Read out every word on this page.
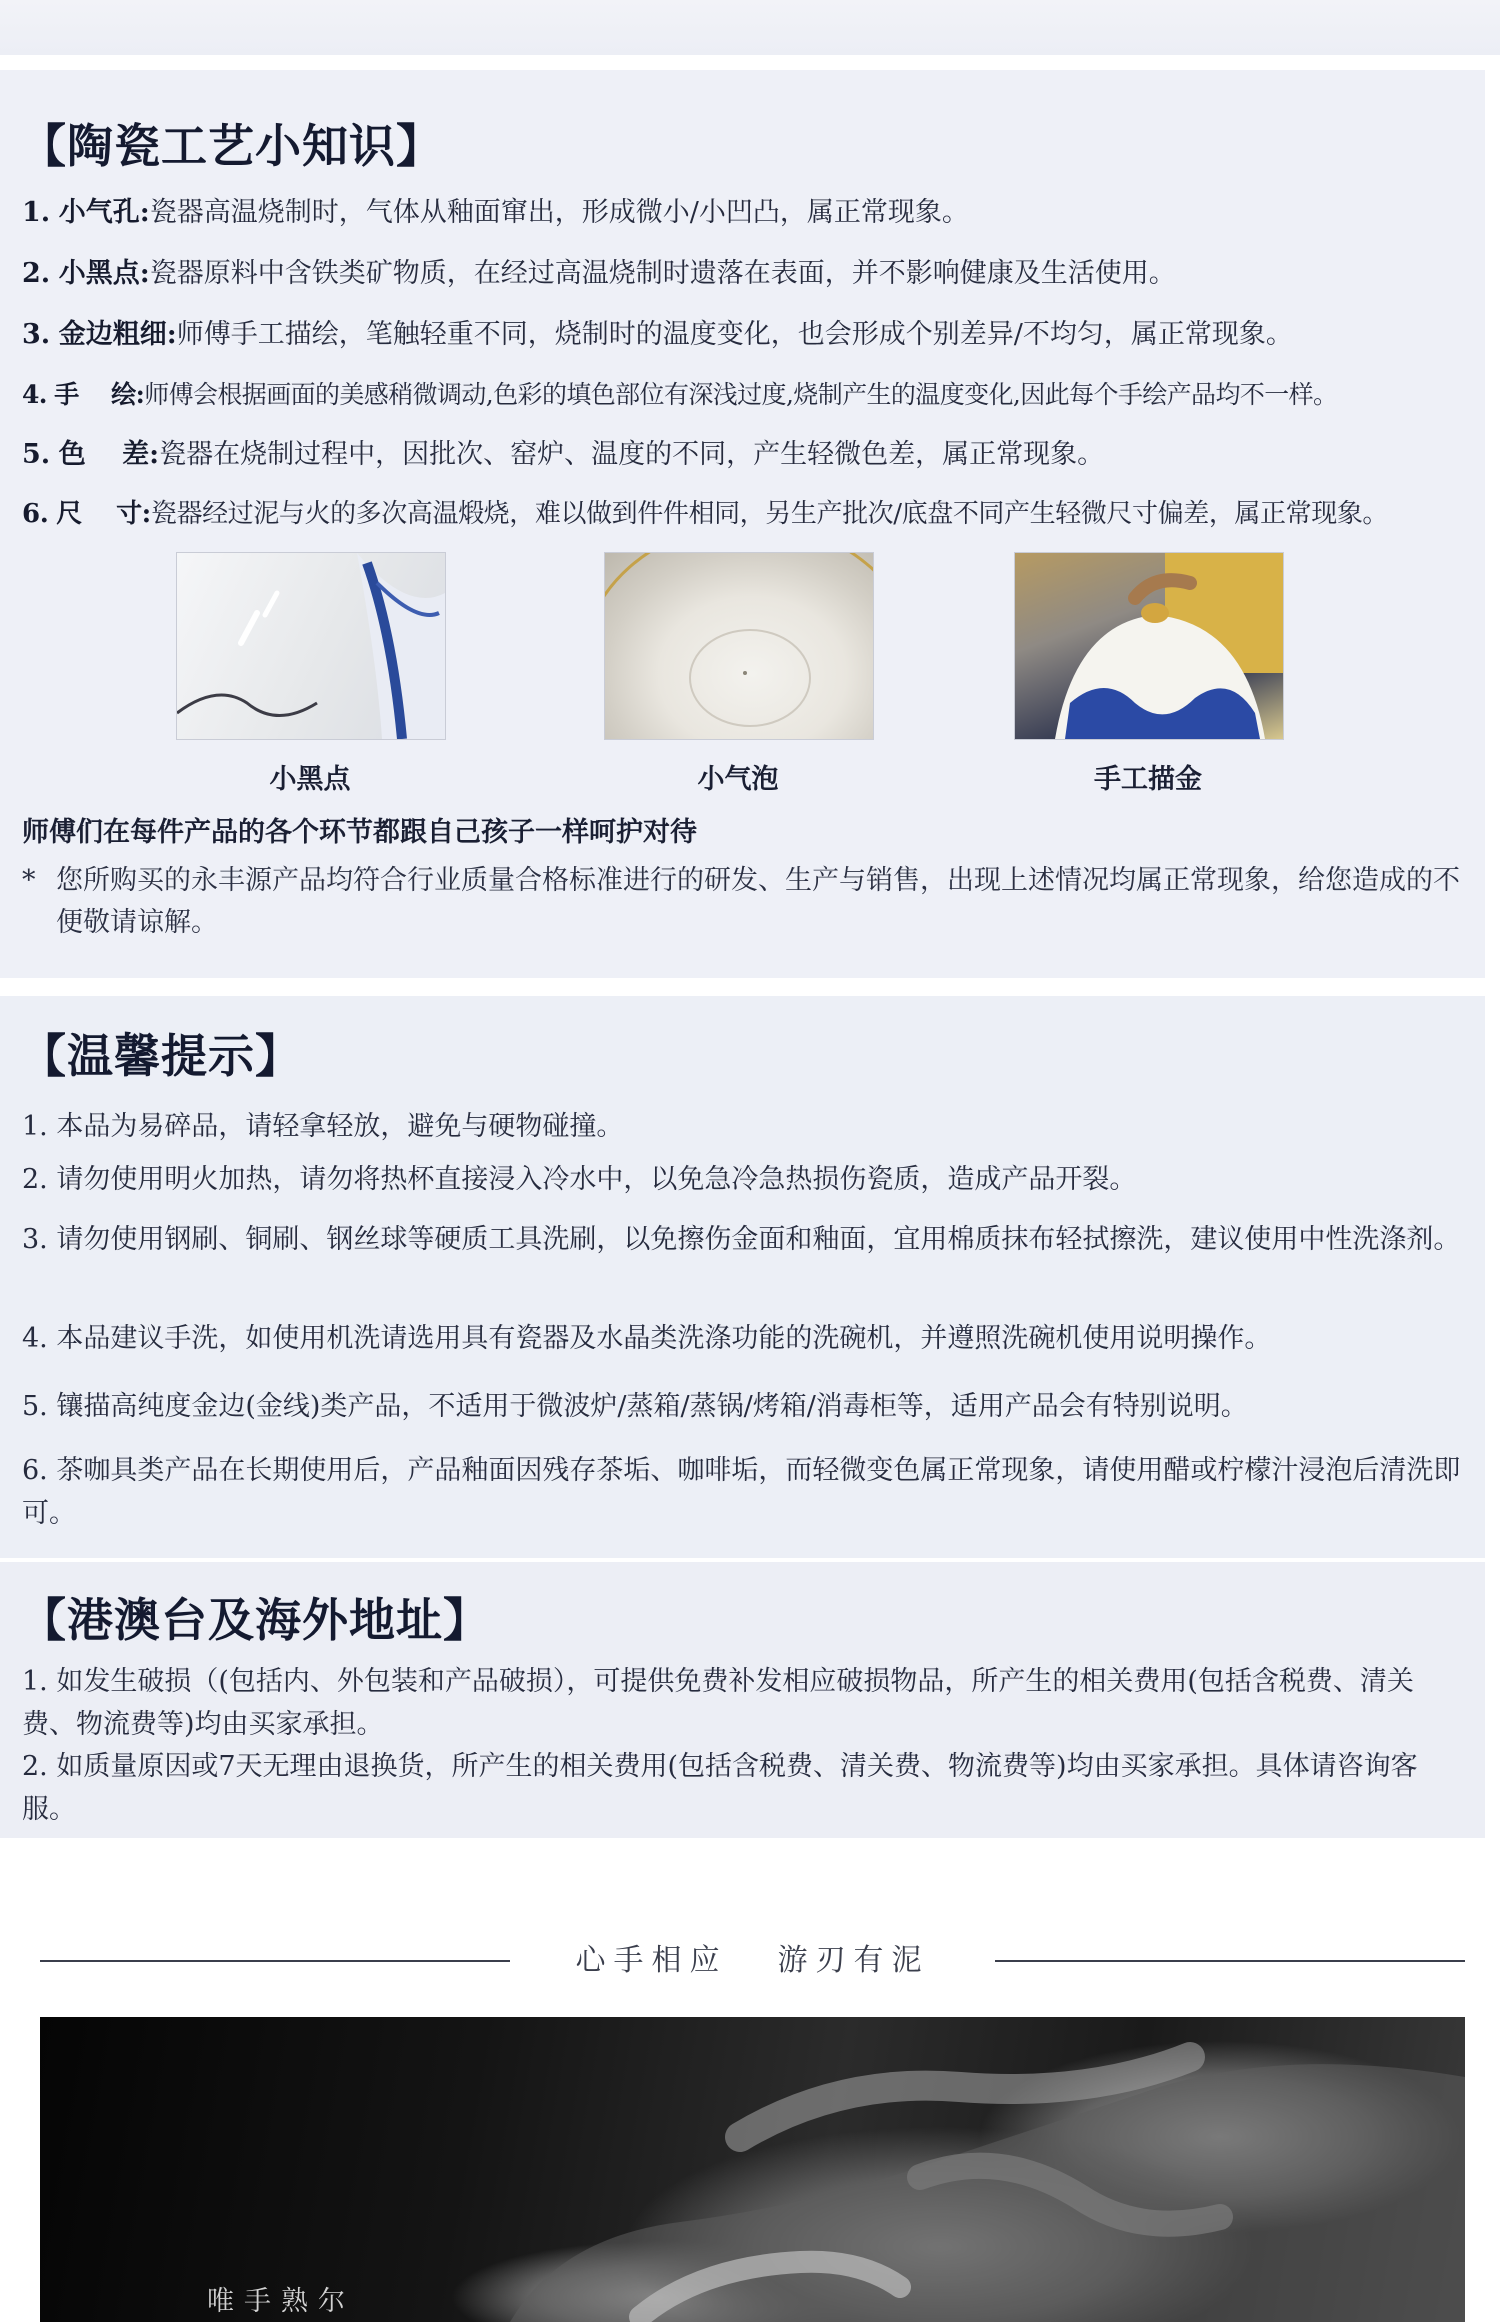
【陶瓷工艺小知识】
1. 小气孔:瓷器高温烧制时，气体从釉面窜出，形成微小/小凹凸，属正常现象。
2. 小黑点:瓷器原料中含铁类矿物质，在经过高温烧制时遗落在表面，并不影响健康及生活使用。
3. 金边粗细:师傅手工描绘，笔触轻重不同，烧制时的温度变化，也会形成个别差异/不均匀，属正常现象。
4. 手　 绘:师傅会根据画面的美感稍微调动,色彩的填色部位有深浅过度,烧制产生的温度变化,因此每个手绘产品均不一样。
5. 色　 差:瓷器在烧制过程中，因批次、窑炉、温度的不同，产生轻微色差，属正常现象。
6. 尺　 寸:瓷器经过泥与火的多次高温煅烧，难以做到件件相同，另生产批次/底盘不同产生轻微尺寸偏差，属正常现象。
小黑点	小气泡	手工描金
师傅们在每件产品的各个环节都跟自己孩子一样呵护对待
* 您所购买的永丰源产品均符合行业质量合格标准进行的研发、生产与销售，出现上述情况均属正常现象，给您造成的不便敬请谅解。
【温馨提示】
1. 本品为易碎品，请轻拿轻放，避免与硬物碰撞。
2. 请勿使用明火加热，请勿将热杯直接浸入冷水中，以免急冷急热损伤瓷质，造成产品开裂。
3. 请勿使用钢刷、铜刷、钢丝球等硬质工具洗刷，以免擦伤金面和釉面，宜用棉质抹布轻拭擦洗，建议使用中性洗涤剂。
4. 本品建议手洗，如使用机洗请选用具有瓷器及水晶类洗涤功能的洗碗机，并遵照洗碗机使用说明操作。
5. 镶描高纯度金边(金线)类产品，不适用于微波炉/蒸箱/蒸锅/烤箱/消毒柜等，适用产品会有特别说明。
6. 茶咖具类产品在长期使用后，产品釉面因残存茶垢、咖啡垢，而轻微变色属正常现象，请使用醋或柠檬汁浸泡后清洗即可。
【港澳台及海外地址】
1. 如发生破损（(包括内、外包装和产品破损），可提供免费补发相应破损物品，所产生的相关费用(包括含税费、清关费、物流费等)均由买家承担。
2. 如质量原因或7天无理由退换货，所产生的相关费用(包括含税费、清关费、物流费等)均由买家承担。具体请咨询客服。
心手相应 游刃有泥
唯手熟尔
